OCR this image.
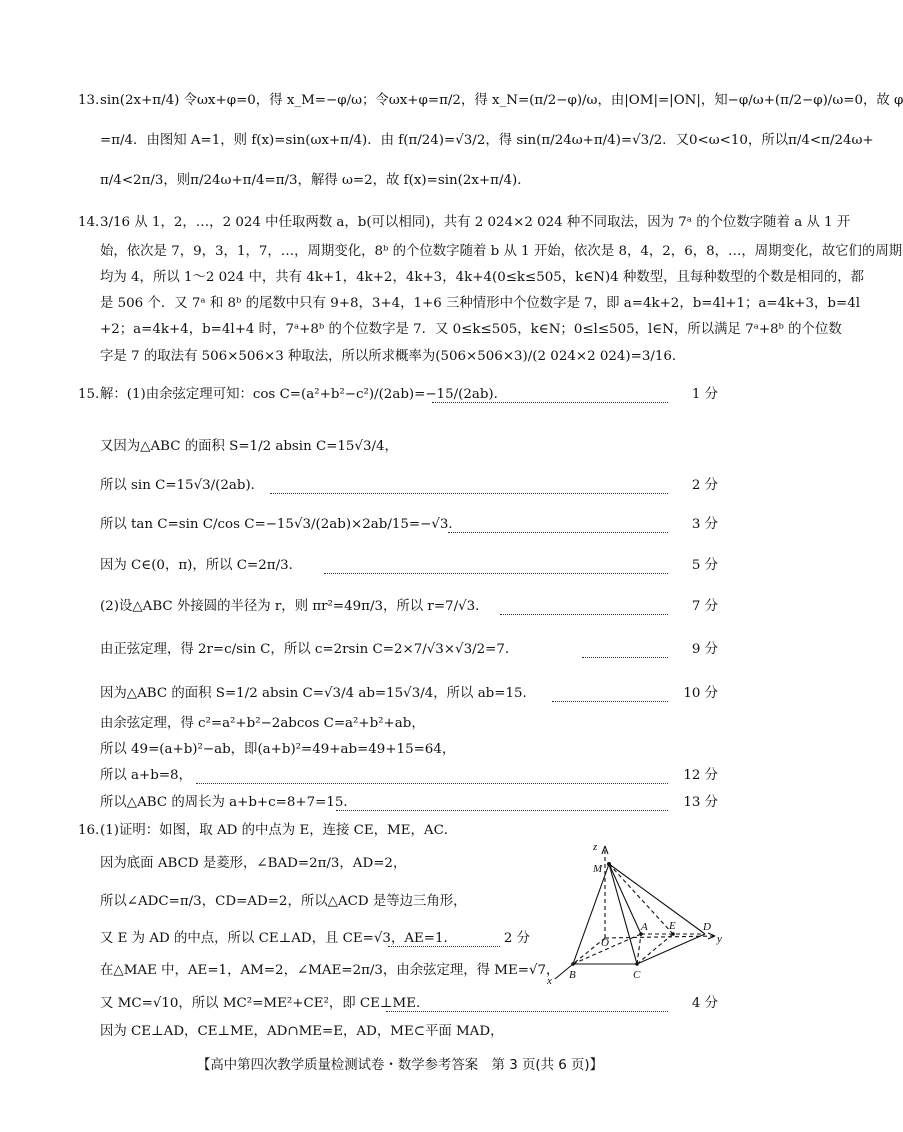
13. sin(2x+π/4) 令ωx+φ=0，得 x_M=−φ/ω；令ωx+φ=π/2，得 x_N=(π/2−φ)/ω，由|OM|=|ON|，知−φ/ω+(π/2−φ)/ω=0，故 φ
=π/4．由图知 A=1，则 f(x)=sin(ωx+π/4)．由 f(π/24)=√3/2，得 sin(π/24ω+π/4)=√3/2．又0<ω<10，所以π/4<π/24ω+
π/4<2π/3，则π/24ω+π/4=π/3，解得 ω=2，故 f(x)=sin(2x+π/4)．
14. 3/16 从 1，2，…，2 024 中任取两数 a，b(可以相同)，共有 2 024×2 024 种不同取法，因为 7ᵃ 的个位数字随着 a 从 1 开
始，依次是 7，9，3，1，7，…，周期变化，8ᵇ 的个位数字随着 b 从 1 开始，依次是 8，4，2，6，8，…，周期变化，故它们的周期
均为 4，所以 1～2 024 中，共有 4k+1，4k+2，4k+3，4k+4(0≤k≤505，k∈N)4 种数型，且每种数型的个数是相同的，都
是 506 个．又 7ᵃ 和 8ᵇ 的尾数中只有 9+8，3+4，1+6 三种情形中个位数字是 7，即 a=4k+2，b=4l+1；a=4k+3，b=4l
+2；a=4k+4，b=4l+4 时，7ᵃ+8ᵇ 的个位数字是 7．又 0≤k≤505，k∈N；0≤l≤505，l∈N，所以满足 7ᵃ+8ᵇ 的个位数
字是 7 的取法有 506×506×3 种取法，所以所求概率为(506×506×3)/(2 024×2 024)=3/16．
15. 解：(1)由余弦定理可知：cos C=(a²+b²−c²)/(2ab)=−15/(2ab)．	1 分
又因为△ABC 的面积 S=1/2 absin C=15√3/4，
所以 sin C=15√3/(2ab)．	2 分
所以 tan C=sin C/cos C=−15√3/(2ab)×2ab/15=−√3．	3 分
因为 C∈(0，π)，所以 C=2π/3．	5 分
(2)设△ABC 外接圆的半径为 r，则 πr²=49π/3，所以 r=7/√3．	7 分
由正弦定理，得 2r=c/sin C，所以 c=2rsin C=2×7/√3×√3/2=7．	9 分
因为△ABC 的面积 S=1/2 absin C=√3/4 ab=15√3/4，所以 ab=15．	10 分
由余弦定理，得 c²=a²+b²−2abcos C=a²+b²+ab，
所以 49=(a+b)²−ab，即(a+b)²=49+ab=49+15=64，
所以 a+b=8，	12 分
所以△ABC 的周长为 a+b+c=8+7=15．	13 分
16. (1)证明：如图，取 AD 的中点为 E，连接 CE，ME，AC．
因为底面 ABCD 是菱形，∠BAD=2π/3，AD=2，
所以∠ADC=π/3，CD=AD=2，所以△ACD 是等边三角形，
又 E 为 AD 的中点，所以 CE⊥AD，且 CE=√3，AE=1．	2 分
在△MAE 中，AE=1，AM=2，∠MAE=2π/3，由余弦定理，得 ME=√7，
又 MC=√10，所以 MC²=ME²+CE²，即 CE⊥ME．	4 分
因为 CE⊥AD，CE⊥ME，AD∩ME=E，AD，ME⊂平面 MAD，
z
M
O
A E D
y
x B	C
【高中第四次教学质量检测试卷・数学参考答案　第 3 页(共 6 页)】
